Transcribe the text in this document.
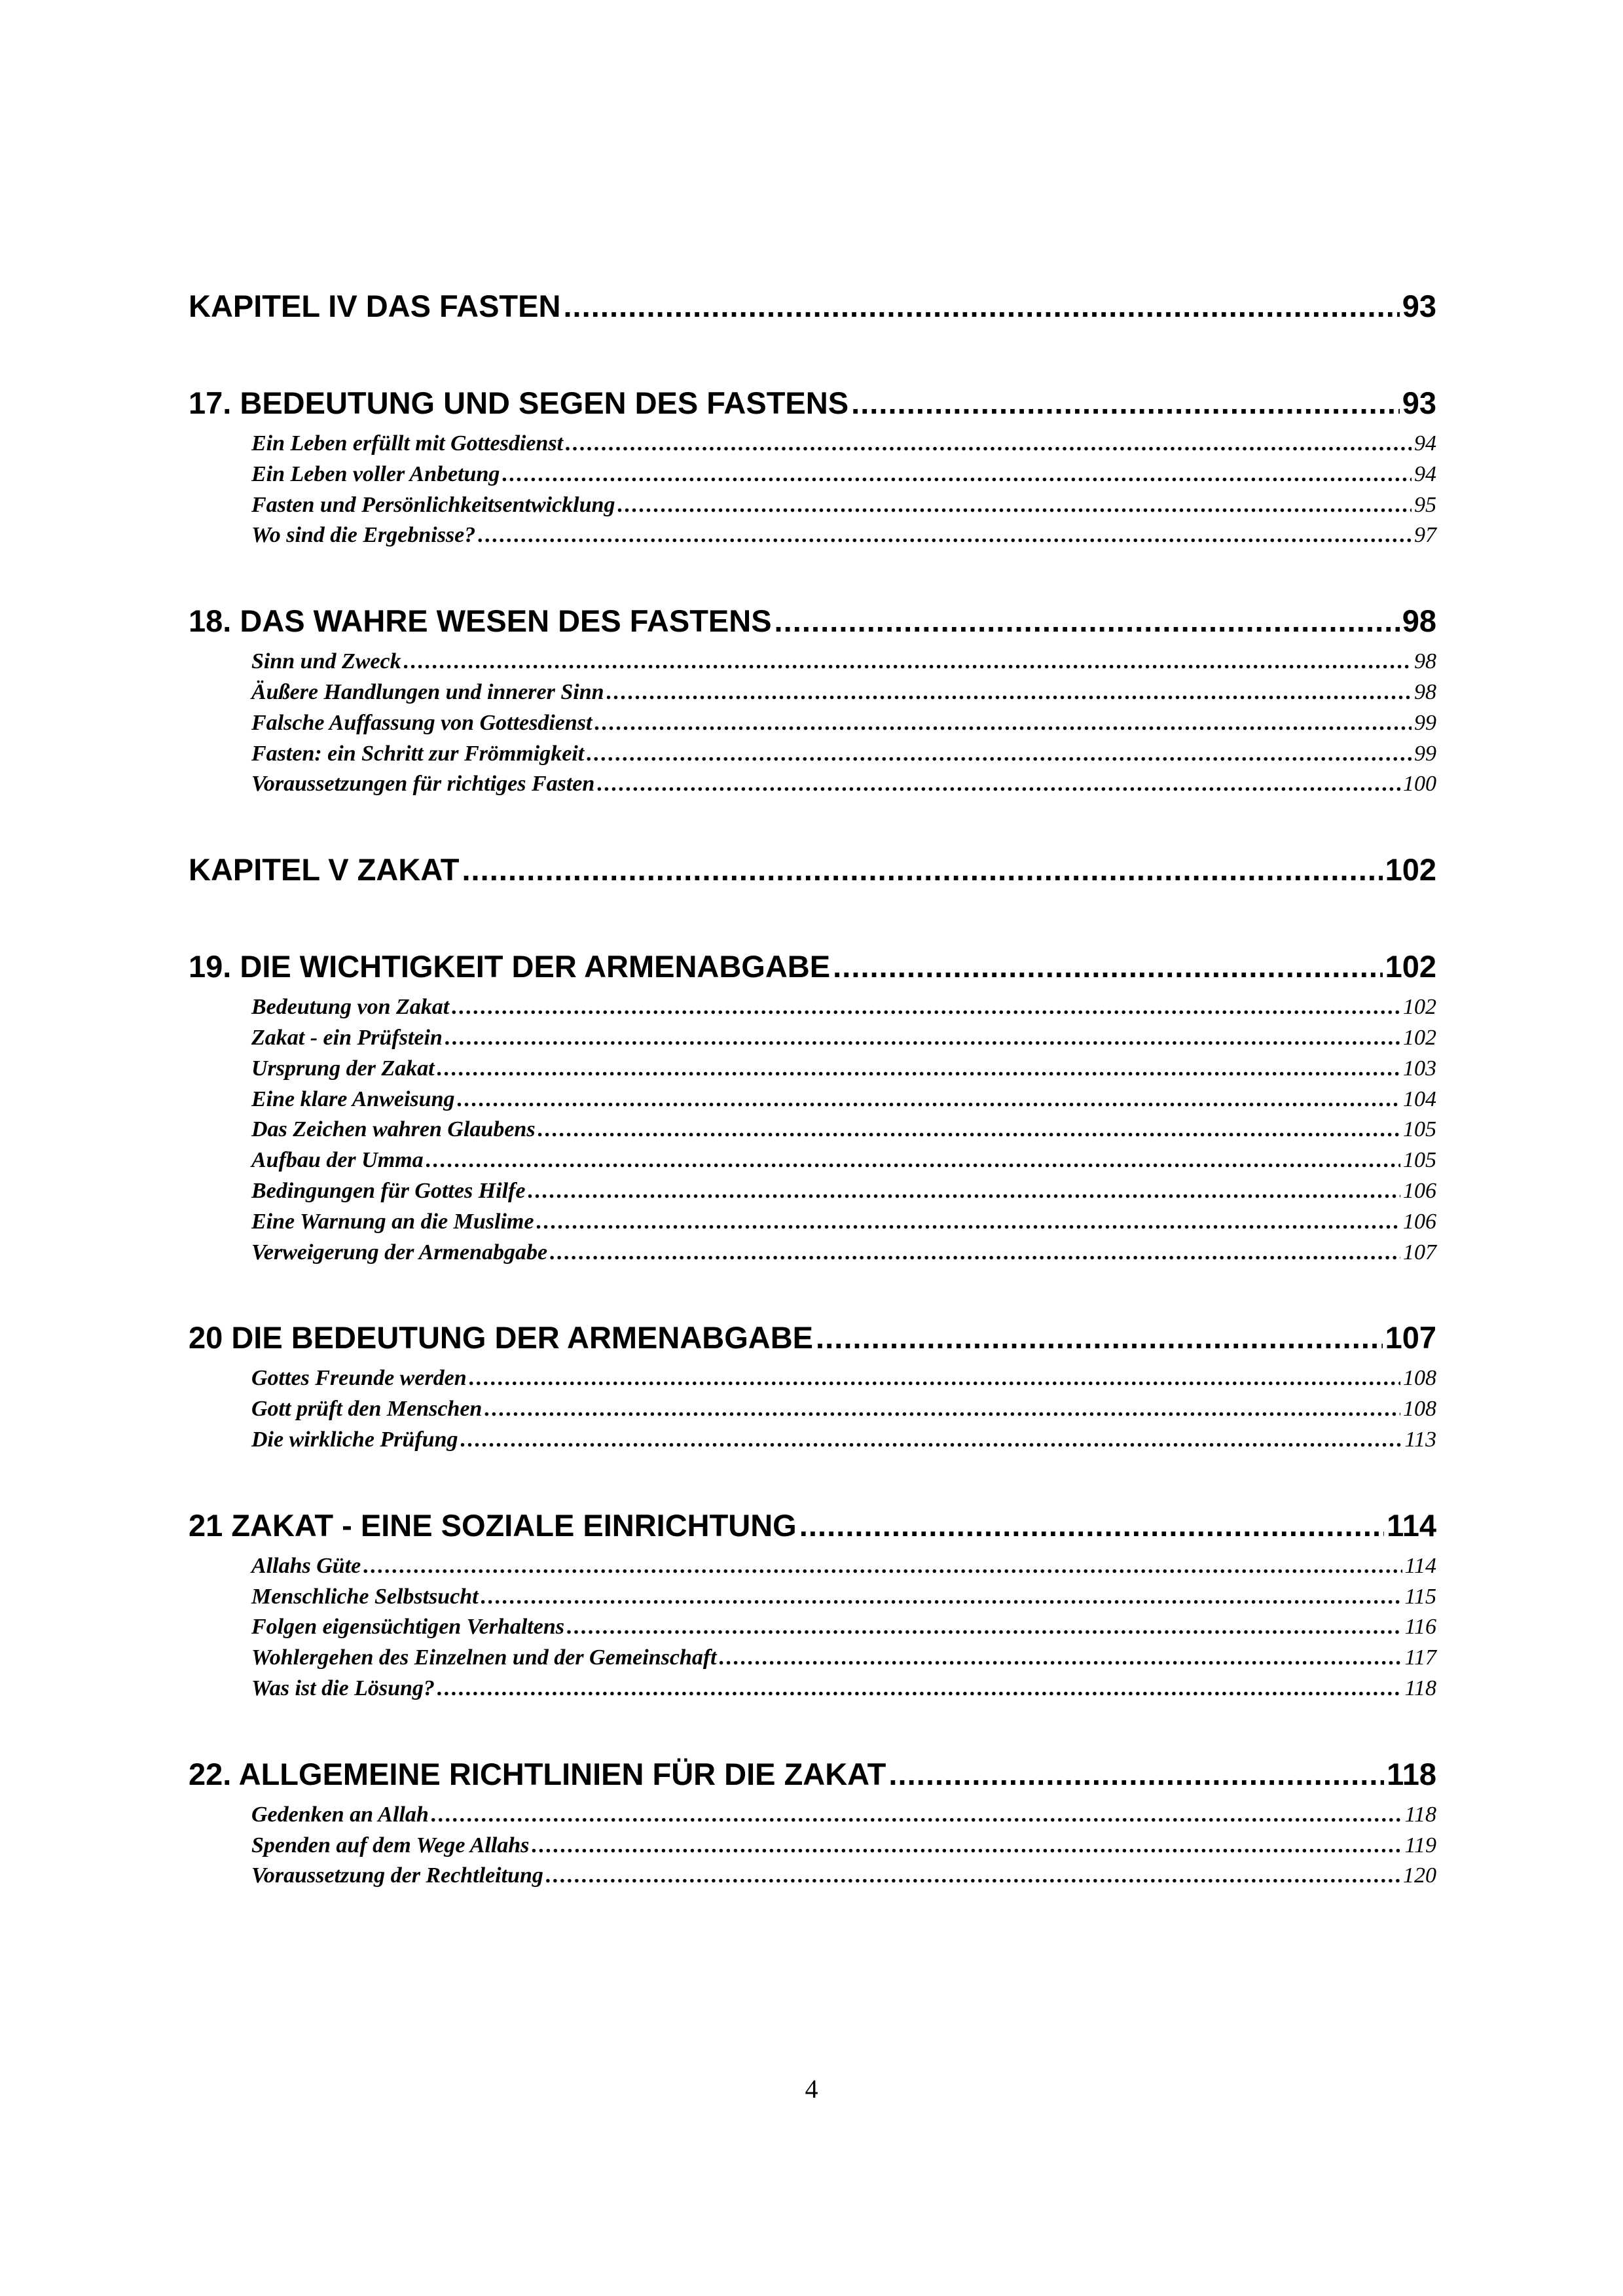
KAPITEL IV DAS FASTEN . . .	93
17. BEDEUTUNG UND SEGEN DES FASTENS . . .	93
Ein Leben erfüllt mit Gottesdienst . . .	94
Ein Leben voller Anbetung . . .	94
Fasten und Persönlichkeitsentwicklung . . .	95
Wo sind die Ergebnisse? . . .	97
18. DAS WAHRE WESEN DES FASTENS . . .	98
Sinn und Zweck . . .	98
Äußere Handlungen und innerer Sinn . . .	98
Falsche Auffassung von Gottesdienst . . .	99
Fasten: ein Schritt zur Frömmigkeit . . .	99
Voraussetzungen für richtiges Fasten . . .	100
KAPITEL V ZAKAT . . .	102
19. DIE WICHTIGKEIT DER ARMENABGABE . . .	102
Bedeutung von Zakat . . .	102
Zakat - ein Prüfstein . . .	102
Ursprung der Zakat . . .	103
Eine klare Anweisung . . .	104
Das Zeichen wahren Glaubens . . .	105
Aufbau der Umma . . .	105
Bedingungen für Gottes Hilfe . . .	106
Eine Warnung an die Muslime . . .	106
Verweigerung der Armenabgabe . . .	107
20 DIE BEDEUTUNG DER ARMENABGABE . . .	107
Gottes Freunde werden . . .	108
Gott prüft den Menschen . . .	108
Die wirkliche Prüfung . . .	113
21 ZAKAT - EINE SOZIALE EINRICHTUNG . . .	114
Allahs Güte . . .	114
Menschliche Selbstsucht . . .	115
Folgen eigensüchtigen Verhaltens . . .	116
Wohlergehen des Einzelnen und der Gemeinschaft . . .	117
Was ist die Lösung? . . .	118
22. ALLGEMEINE RICHTLINIEN FÜR DIE ZAKAT . . .	118
Gedenken an Allah . . .	118
Spenden auf dem Wege Allahs . . .	119
Voraussetzung der Rechtleitung . . .	120
4
